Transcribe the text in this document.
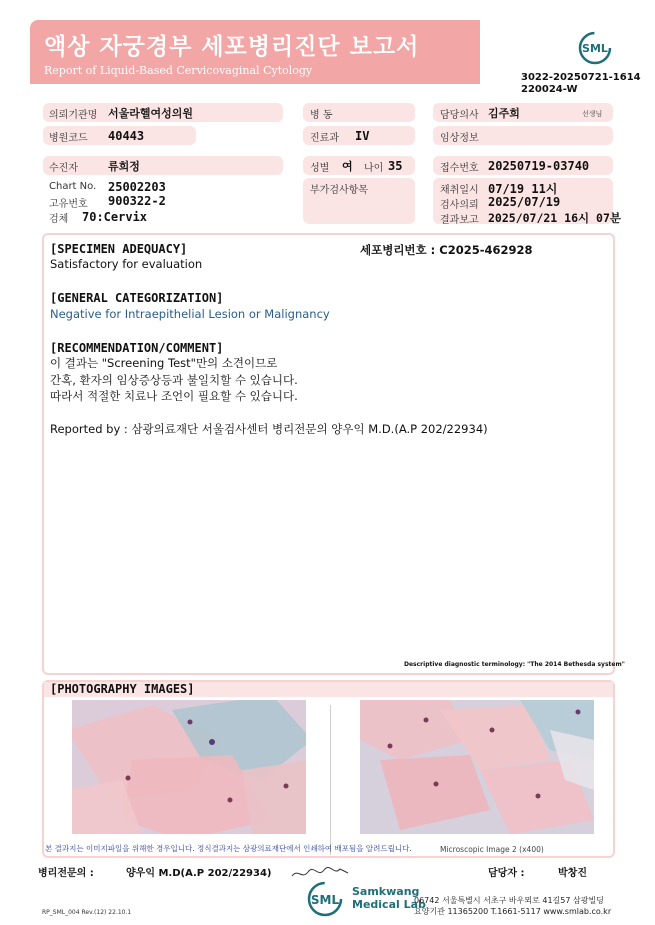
액상 자궁경부 세포병리진단 보고서
Report of Liquid-Based Cervicovaginal Cytology
SML
3022-20250721-1614
220024-W
의뢰기관명 서울라헬여성의원	병 동	담당의사 김주희	선생님
병원코드 40443	진료과 IV	임상정보
수진자	류희정	성별 여 나이 35	접수번호 20250719-03740
Chart No. 25002203
고유번호 900322-2
검체 70:Cervix
부가검사항목	채취일시 07/19 11시
검사의뢰 2025/07/19
결과보고 2025/07/21 16시 07분
[SPECIMEN ADEQUACY]
Satisfactory for evaluation
세포병리번호 : C2025-462928
[GENERAL CATEGORIZATION]
Negative for Intraepithelial Lesion or Malignancy
[RECOMMENDATION/COMMENT]
이 결과는 "Screening Test"만의 소견이므로
간혹, 환자의 임상증상등과 불일치할 수 있습니다.
따라서 적절한 치료나 조언이 필요할 수 있습니다.
Reported by : 삼광의료재단 서울검사센터 병리전문의 양우익 M.D.(A.P 202/22934)
Descriptive diagnostic terminology: "The 2014 Bethesda system"
[PHOTOGRAPHY IMAGES]
본 결과지는 이미지파일을 위해한 경우입니다. 정식결과지는 삼광의료재단에서 인쇄하여 배포됨을 알려드립니다.	Microscopic Image 2 (x400)
병리전문의 :	양우익 M.D(A.P 202/22934)	담당자 :	박창진
SML
Samkwang
Medical Lab
06742 서울특별시 서초구 바우뫼로 41길57 삼광빌딩
요양기관 11365200 T.1661-5117 www.smlab.co.kr
RP_SML_004 Rev.(12) 22.10.1
